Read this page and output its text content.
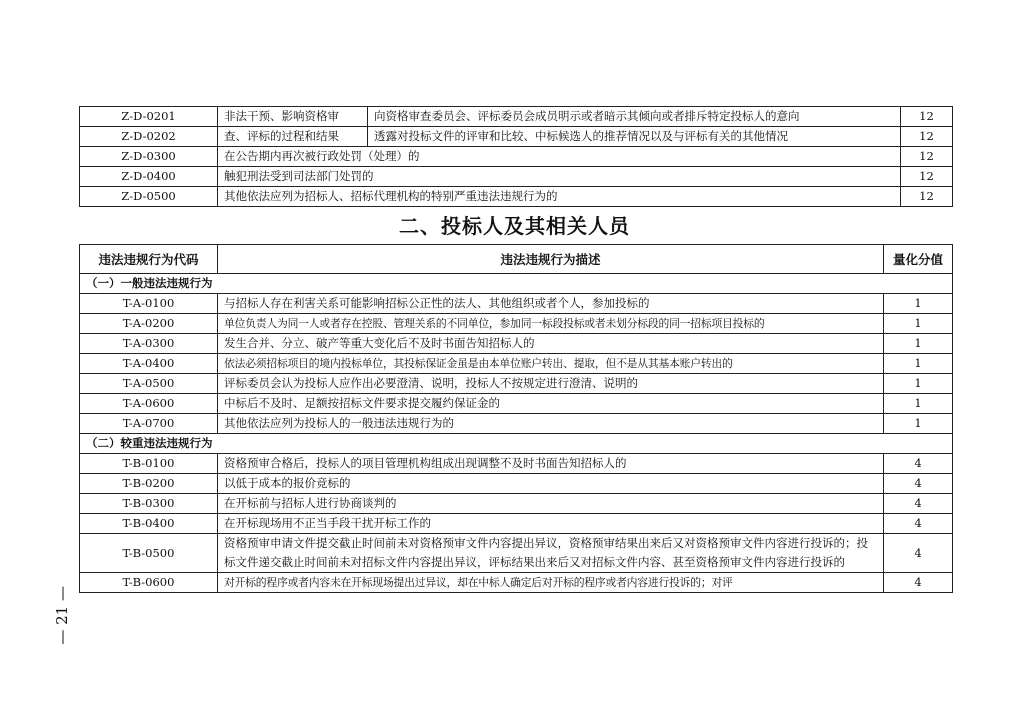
Z-D-0201	非法干预、影响资格审	向资格审查委员会、评标委员会成员明示或者暗示其倾向或者排斥特定投标人的意向	12
Z-D-0202	查、评标的过程和结果	透露对投标文件的评审和比较、中标候选人的推荐情况以及与评标有关的其他情况	12
Z-D-0300	在公告期内再次被行政处罚（处理）的		12
Z-D-0400	触犯刑法受到司法部门处罚的		12
Z-D-0500	其他依法应列为招标人、招标代理机构的特别严重违法违规行为的		12
二、投标人及其相关人员
违法违规行为代码	违法违规行为描述	量化分值
（一）一般违法违规行为		
T-A-0100	与招标人存在利害关系可能影响招标公正性的法人、其他组织或者个人，参加投标的	1
T-A-0200	单位负责人为同一人或者存在控股、管理关系的不同单位，参加同一标段投标或者未划分标段的同一招标项目投标的	1
T-A-0300	发生合并、分立、破产等重大变化后不及时书面告知招标人的	1
T-A-0400	依法必须招标项目的境内投标单位，其投标保证金虽是由本单位账户转出、提取，但不是从其基本账户转出的	1
T-A-0500	评标委员会认为投标人应作出必要澄清、说明，投标人不按规定进行澄清、说明的	1
T-A-0600	中标后不及时、足额按招标文件要求提交履约保证金的	1
T-A-0700	其他依法应列为投标人的一般违法违规行为的	1
（二）较重违法违规行为		
T-B-0100	资格预审合格后，投标人的项目管理机构组成出现调整不及时书面告知招标人的	4
T-B-0200	以低于成本的报价竞标的	4
T-B-0300	在开标前与招标人进行协商谈判的	4
T-B-0400	在开标现场用不正当手段干扰开标工作的	4
T-B-0500	资格预审申请文件提交截止时间前未对资格预审文件内容提出异议，资格预审结果出来后又对资格预审文件内容进行投诉的；投标文件递交截止时间前未对招标文件内容提出异议，评标结果出来后又对招标文件内容、甚至资格预审文件内容进行投诉的	4
T-B-0600	对开标的程序或者内容未在开标现场提出过异议，却在中标人确定后对开标的程序或者内容进行投诉的；对评	4
— 21 —
